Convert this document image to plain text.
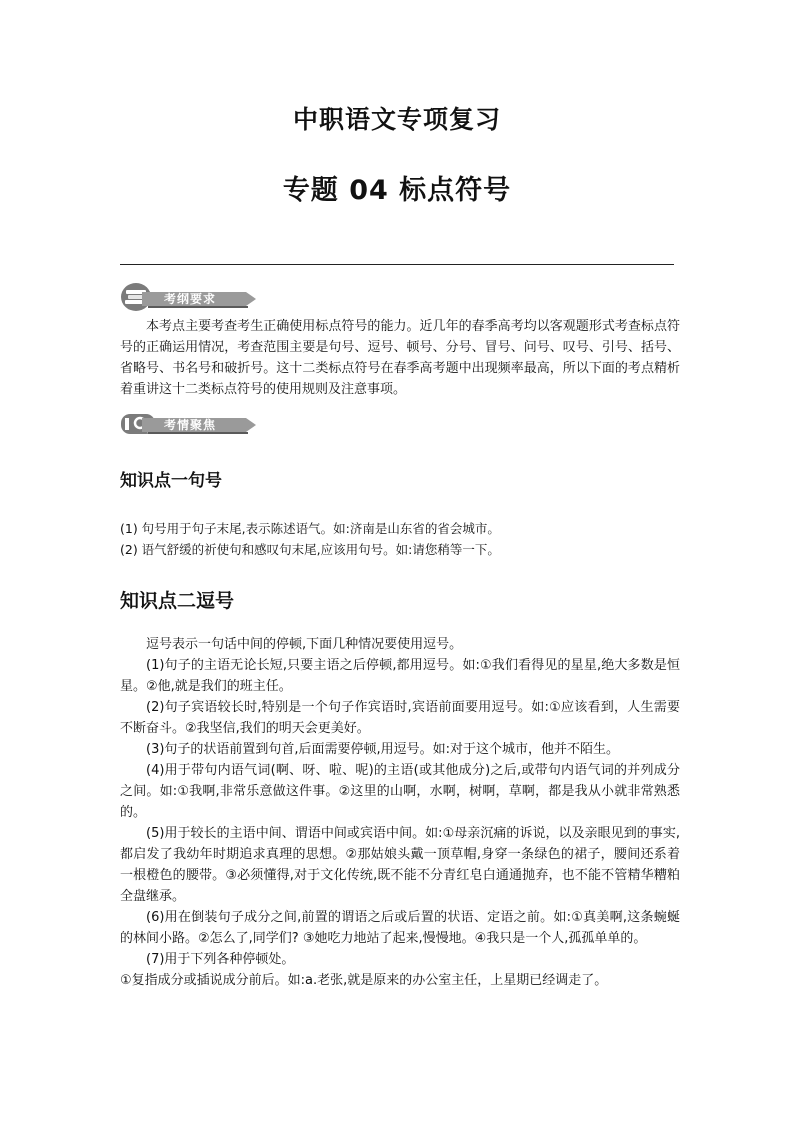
中职语文专项复习
专题 04 标点符号
考纲要求
本考点主要考查考生正确使用标点符号的能力。近几年的春季高考均以客观题形式考查标点符号的正确运用情况，考查范围主要是句号、逗号、顿号、分号、冒号、问号、叹号、引号、括号、省略号、书名号和破折号。这十二类标点符号在春季高考题中出现频率最高，所以下面的考点精析着重讲这十二类标点符号的使用规则及注意事项。
考情聚焦
知识点一句号
(1) 句号用于句子末尾,表示陈述语气。如:济南是山东省的省会城市。
(2) 语气舒缓的祈使句和感叹句末尾,应该用句号。如:请您稍等一下。
知识点二逗号

逗号表示一句话中间的停顿,下面几种情况要使用逗号。

(1)句子的主语无论长短,只要主语之后停顿,都用逗号。如:①我们看得见的星星,绝大多数是恒星。②他,就是我们的班主任。

(2)句子宾语较长时,特别是一个句子作宾语时,宾语前面要用逗号。如:①应该看到，人生需要不断奋斗。②我坚信,我们的明天会更美好。

(3)句子的状语前置到句首,后面需要停顿,用逗号。如:对于这个城市，他并不陌生。

(4)用于带句内语气词(啊、呀、啦、呢)的主语(或其他成分)之后,或带句内语气词的并列成分之间。如:①我啊,非常乐意做这件事。②这里的山啊，水啊，树啊，草啊，都是我从小就非常熟悉的。

(5)用于较长的主语中间、谓语中间或宾语中间。如:①母亲沉痛的诉说，以及亲眼见到的事实,都启发了我幼年时期追求真理的思想。②那姑娘头戴一顶草帽,身穿一条绿色的裙子，腰间还系着一根橙色的腰带。③必须懂得,对于文化传统,既不能不分青红皂白通通抛弃，也不能不管精华糟粕全盘继承。

(6)用在倒装句子成分之间,前置的谓语之后或后置的状语、定语之前。如:①真美啊,这条蜿蜒的林间小路。②怎么了,同学们? ③她吃力地站了起来,慢慢地。④我只是一个人,孤孤单单的。

(7)用于下列各种停顿处。

①复指成分或插说成分前后。如:a.老张,就是原来的办公室主任，上星期已经调走了。
